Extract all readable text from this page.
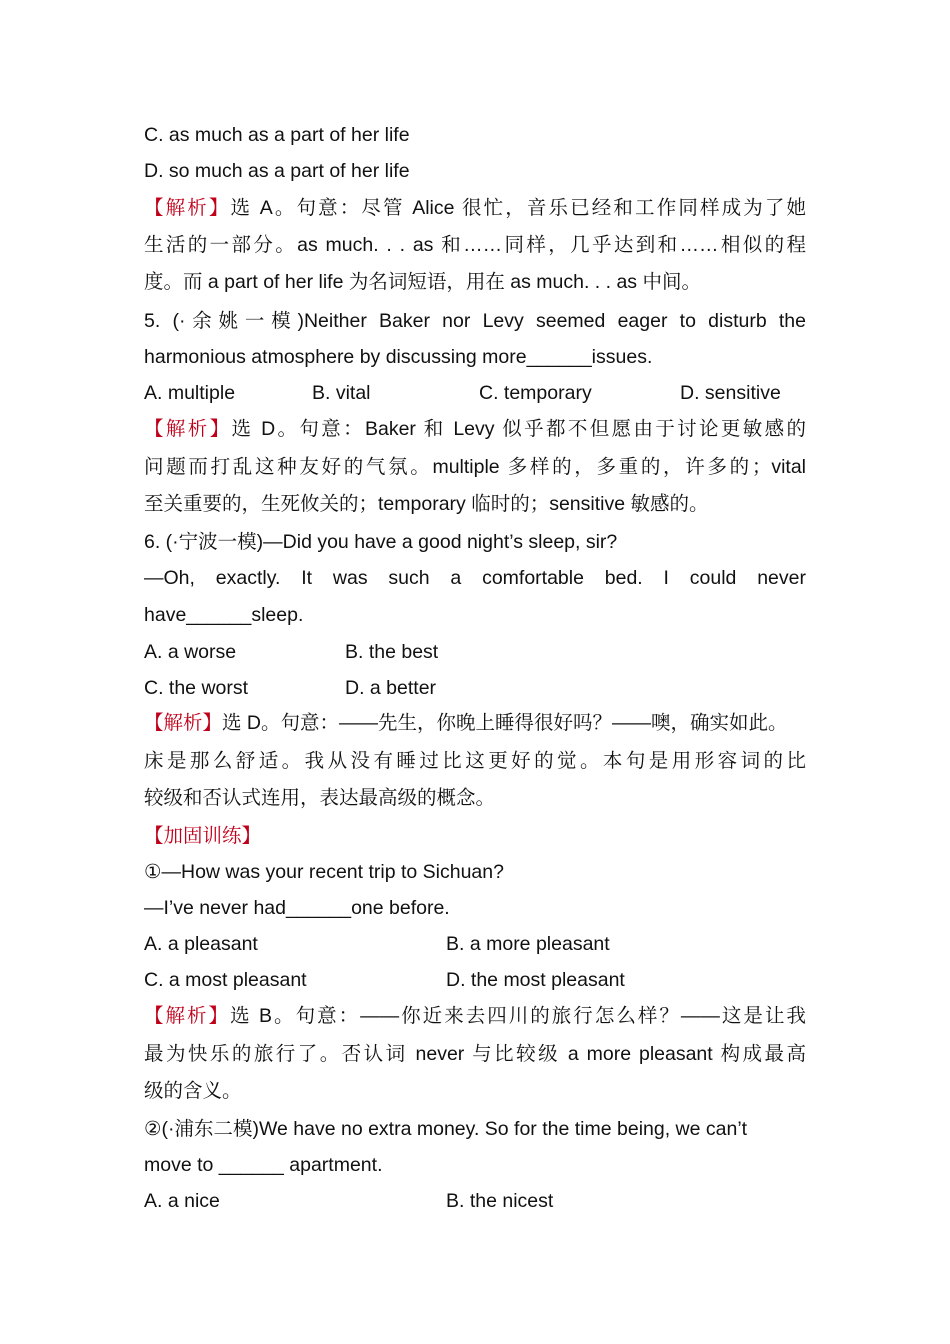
C. as much as a part of her life
D. so much as a part of her life
【解析】选 A。句意：尽管 Alice 很忙，音乐已经和工作同样成为了她
生活的一部分。as much. . . as 和……同样，几乎达到和……相似的程
度。而 a part of her life 为名词短语，用在 as much. . . as 中间。
5. (·余姚一模)Neither Baker nor Levy seemed eager to disturb the
harmonious atmosphere by discussing more______issues.
A. multiple	B. vital	C. temporary	D. sensitive
【解析】选 D。句意：Baker 和 Levy 似乎都不但愿由于讨论更敏感的
问题而打乱这种友好的气氛。multiple 多样的，多重的，许多的；vital
至关重要的，生死攸关的；temporary 临时的；sensitive 敏感的。
6. (·宁波一模)—Did you have a good night’s sleep, sir?
—Oh, exactly. It was such a comfortable bed. I could never
have______sleep.
A. a worse	B. the best
C. the worst	D. a better
【解析】选 D。句意：——先生，你晚上睡得很好吗？——噢，确实如此。
床是那么舒适。我从没有睡过比这更好的觉。本句是用形容词的比
较级和否认式连用，表达最高级的概念。
【加固训练】
①—How was your recent trip to Sichuan?
—I’ve never had______one before.
A. a pleasant	B. a more pleasant
C. a most pleasant	D. the most pleasant
【解析】选 B。句意：——你近来去四川的旅行怎么样？——这是让我
最为快乐的旅行了。否认词 never 与比较级 a more pleasant 构成最高
级的含义。
②(·浦东二模)We have no extra money. So for the time being, we can’t
move to ______ apartment.
A. a nice	B. the nicest
